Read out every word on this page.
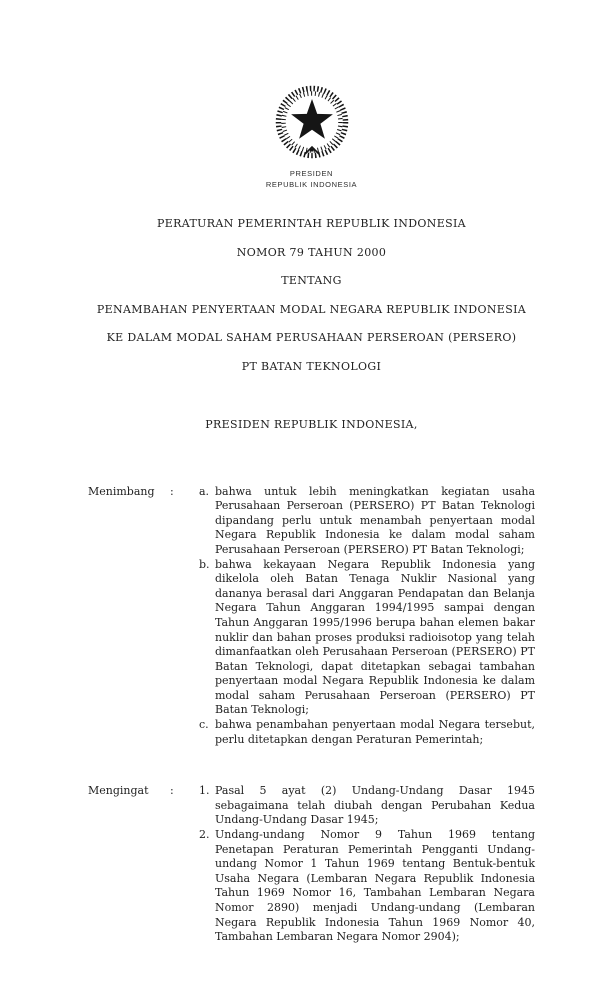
PRESIDEN
REPUBLIK INDONESIA
PERATURAN PEMERINTAH REPUBLIK INDONESIA
NOMOR 79 TAHUN 2000
TENTANG
PENAMBAHAN PENYERTAAN MODAL NEGARA REPUBLIK INDONESIA
KE DALAM MODAL SAHAM PERUSAHAAN PERSEROAN (PERSERO)
PT BATAN TEKNOLOGI
PRESIDEN REPUBLIK INDONESIA,
Menimbang	:	a. bahwa untuk lebih meningkatkan kegiatan usaha Perusahaan Perseroan (PERSERO) PT Batan Teknologi dipandang perlu untuk menambah penyertaan modal Negara Republik Indonesia ke dalam modal saham Perusahaan Perseroan (PERSERO) PT Batan Teknologi;
b. bahwa kekayaan Negara Republik Indonesia yang dikelola oleh Batan Tenaga Nuklir Nasional yang dananya berasal dari Anggaran Pendapatan dan Belanja Negara Tahun Anggaran 1994/1995 sampai dengan Tahun Anggaran 1995/1996 berupa bahan elemen bakar nuklir dan bahan proses produksi radioisotop yang telah dimanfaatkan oleh Perusahaan Perseroan (PERSERO) PT Batan Teknologi, dapat ditetapkan sebagai tambahan penyertaan modal Negara Republik Indonesia ke dalam modal saham Perusahaan Perseroan (PERSERO) PT Batan Teknologi;
c. bahwa penambahan penyertaan modal Negara tersebut, perlu ditetapkan dengan Peraturan Pemerintah;
Mengingat	:	1. Pasal 5 ayat (2) Undang-Undang Dasar 1945 sebagaimana telah diubah dengan Perubahan Kedua Undang-Undang Dasar 1945;
2. Undang-undang Nomor 9 Tahun 1969 tentang Penetapan Peraturan Pemerintah Pengganti Undang-undang Nomor 1 Tahun 1969 tentang Bentuk-bentuk Usaha Negara (Lembaran Negara Republik Indonesia Tahun 1969 Nomor 16, Tambahan Lembaran Negara Nomor 2890) menjadi Undang-undang (Lembaran Negara Republik Indonesia Tahun 1969 Nomor 40, Tambahan Lembaran Negara Nomor 2904);
